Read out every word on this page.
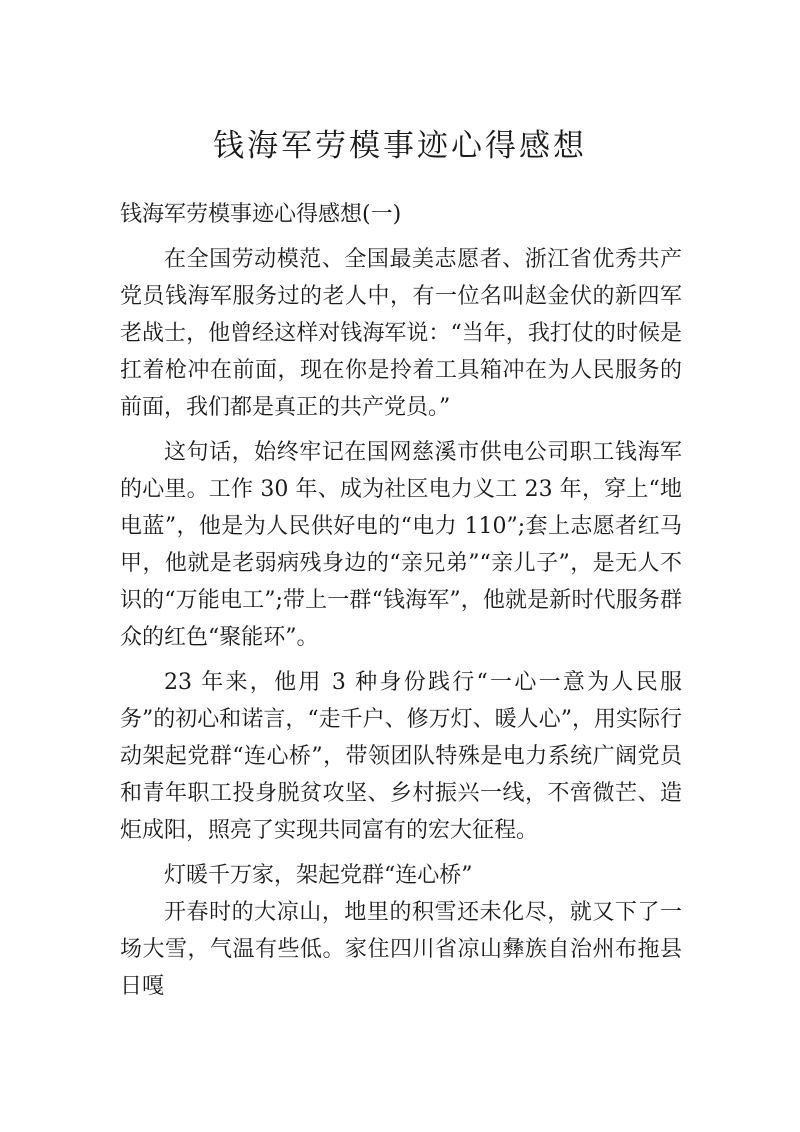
钱海军劳模事迹心得感想

钱海军劳模事迹心得感想(一)

在全国劳动模范、全国最美志愿者、浙江省优秀共产党员钱海军服务过的老人中，有一位名叫赵金伏的新四军老战士，他曾经这样对钱海军说：“当年，我打仗的时候是扛着枪冲在前面，现在你是拎着工具箱冲在为人民服务的前面，我们都是真正的共产党员。”

这句话，始终牢记在国网慈溪市供电公司职工钱海军的心里。工作 30 年、成为社区电力义工 23 年，穿上“地电蓝”，他是为人民供好电的“电力 110”;套上志愿者红马甲，他就是老弱病残身边的“亲兄弟”“亲儿子”，是无人不识的“万能电工”;带上一群“钱海军”，他就是新时代服务群众的红色“聚能环”。

23 年来，他用 3 种身份践行“一心一意为人民服务”的初心和诺言，“走千户、修万灯、暖人心”，用实际行动架起党群“连心桥”，带领团队特殊是电力系统广阔党员和青年职工投身脱贫攻坚、乡村振兴一线，不啻微芒、造炬成阳，照亮了实现共同富有的宏大征程。

灯暖千万家，架起党群“连心桥”

开春时的大凉山，地里的积雪还未化尽，就又下了一场大雪，气温有些低。家住四川省凉山彝族自治州布拖县日嘎
